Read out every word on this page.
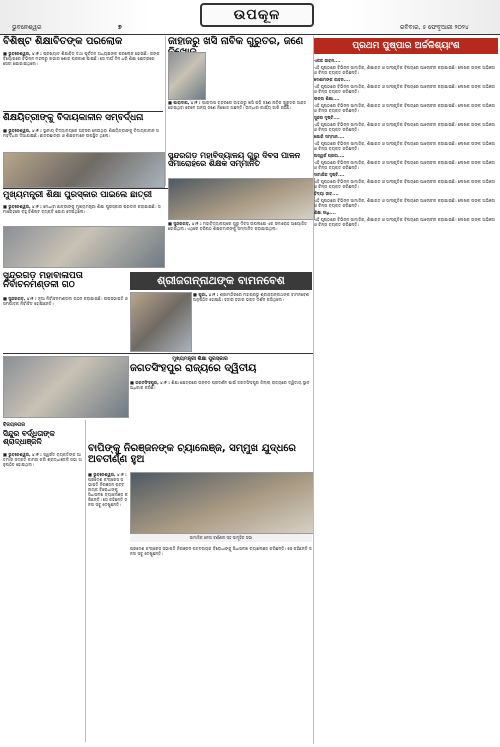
ଭୁବନେଶ୍ୱର	୭
ଉପକୂଳ
ରବିବାର, ୫ ଫେବୃଆରୀ ୨୦୨୪
ବିଶିଷ୍ଟ ଶିକ୍ଷାବିତଙ୍କ ପରଲୋକ

■ ଭୁବନେଶ୍ୱର, ୪।୨ : ପ୍ରଖ୍ୟାତ ଶିକ୍ଷାବିତ୍ ତଥା ପୂର୍ବତନ ଅଧ୍ୟକ୍ଷଙ୍କ ପରଲୋକ ହୋଇଛି। ତାଙ୍କ ବିୟୋଗରେ ବିଭିନ୍ନ ମହଲରୁ ଗଭୀର ଶୋକ ପ୍ରକାଶ ପାଇଛି। ସେ ଦୀର୍ଘ ଦିନ ଧରି ଶିକ୍ଷା କ୍ଷେତ୍ରରେ ସେବା ଯୋଗାଇଥିଲେ।

ଜାହାଜରୁ ଖସି ନାବିକ ଗୁରୁତର, ଜଣେ

■ ପାରାଦୀପ, ୪।୨ : ପାରାଦୀପ ବନ୍ଦରରେ ଜାହାଜରୁ ଖସି ପଡ଼ି ଜଣେ ନାବିକ ଗୁରୁତର ଆହତ ହୋଇଥିବା ବେଳେ ଅନ୍ୟ ଜଣେ ନିଖୋଜ ଅଛନ୍ତି। ଉଦ୍ଧାର କାର୍ଯ୍ୟ ଜାରି ରହିଛି।

ଶିକ୍ଷୟିତ୍ରୀଙ୍କୁ ବିଦାୟକାଳୀନ ସମ୍ବର୍ଦ୍ଧନା

■ ଭୁବନେଶ୍ୱର, ୪।୨ : ସ୍ଥାନୀୟ ବିଦ୍ୟାଳୟରେ ଅବସର ନେଉଥିବା ଶିକ୍ଷୟିତ୍ରୀଙ୍କୁ ବିଦାୟକାଳୀନ ସମ୍ବର୍ଦ୍ଧନା ଦିଆଯାଇଛି। ଛାତ୍ରଛାତ୍ରୀ ଓ ଶିକ୍ଷକମାନେ ଉପସ୍ଥିତ ଥିଲେ।

ସୁନ୍ଦରଗଡ଼ ମହାବିଦ୍ୟାଳୟ ଗୁରୁ ଦିବସ ପାଳନ ସମାରୋହରେ ଶିକ୍ଷକ ସମ୍ମାନିତ

■ ସୁନ୍ଦରଗଡ଼, ୪।୨ : ମହାବିଦ୍ୟାଳୟରେ ଗୁରୁ ଦିବସ ଉପଲକ୍ଷେ ଏକ ସମାରୋହ ଆୟୋଜିତ ହୋଇଥିଲା। ଏଥିରେ ବରିଷ୍ଠ ଶିକ୍ଷକମାନଙ୍କୁ ସମ୍ମାନିତ କରାଯାଇଥିଲା।

ମୁଖ୍ୟମନ୍ତ୍ରୀ ଶିକ୍ଷା ପୁରସ୍କାର ପାଇଲେ ଛାତ୍ରୀ

■ ଭୁବନେଶ୍ୱର, ୪।୨ : ମେଧାବୀ ଛାତ୍ରୀଙ୍କୁ ମୁଖ୍ୟମନ୍ତ୍ରୀ ଶିକ୍ଷା ପୁରସ୍କାର ପ୍ରଦାନ କରାଯାଇଛି। ସମାରୋହରେ ବହୁ ବିଶିଷ୍ଟ ବ୍ୟକ୍ତି ଯୋଗ ଦେଇଥିଲେ।

ଶ୍ରୀଜଗନ୍ନାଥଙ୍କ ବାମନବେଶ

■ ପୁରୀ, ୪।୨ : ଶ୍ରୀମନ୍ଦିରରେ ମହାପ୍ରଭୁ ଶ୍ରୀଜଗନ୍ନାଥଙ୍କ ବାମନବେଶ ଅନୁଷ୍ଠିତ ହୋଇଛି। ହଜାର ହଜାର ଭକ୍ତ ଦର୍ଶନ କରିଥିଲେ।

ସୁନ୍ଦରଗଡ଼ ମହାବାଳାପତା ନିର୍ବାଚନମଣ୍ଡଳୀ ଗଠ

■ ସୁନ୍ଦରଗଡ଼, ୪।୨ : ନୂଆ ନିର୍ବାଚନମଣ୍ଡଳୀ ଗଠନ କରାଯାଇଛି। ଉପସଭାପତି ଓ ସମ୍ପାଦକ ନିର୍ବାଚିତ ହୋଇଛନ୍ତି।

ମୁଖ୍ୟମନ୍ତ୍ରୀ ଶିକ୍ଷା ପୁରସ୍କାର
ଜଗତସିଂହପୁର ରାଜ୍ୟରେ ଦ୍ୱିତୀୟ

■ ଜଗତସିଂହପୁର, ୪।୨ : ଶିକ୍ଷା କ୍ଷେତ୍ରରେ ଉନ୍ନତ ପ୍ରଦର୍ଶନ ପାଇଁ ଜଗତସିଂହପୁର ଜିଲ୍ଲା ରାଜ୍ୟରେ ଦ୍ୱିତୀୟ ସ୍ଥାନ ଅଧିକାର କରିଛି।

ବିଜୟନଗର
ସିନ୍ଦୁର ବର୍ଦ୍ଧିତାଙ୍କ ଶ୍ରାଦ୍ଧାଞ୍ଜଳି

■ ଭୁବନେଶ୍ୱର, ୪।୨ : ସ୍ୱର୍ଗତ ବ୍ୟକ୍ତିଙ୍କ ଆତ୍ମାର ସଦ୍ଗତି କାମନା କରି ଶ୍ରାଦ୍ଧାଞ୍ଜଳି ସଭା ଅନୁଷ୍ଠିତ ହୋଇଥିଲା।

ବାପିଙ୍କୁ ନିରଞ୍ଜନଙ୍କ ଚ୍ୟାଲେଞ୍ଜ, ସମ୍ମୁଖ ଯୁଦ୍ଧରେ ଅବତୀର୍ଣ୍ଣ ହୁଅ
ସାମାଜିକ ନେତା ବର୍ଣ୍ଣନା ସହ ସାମୂହିକ ସଭା

■ ଭୁବନେଶ୍ୱର, ୪।୨ : ପ୍ରଦେଶ କଂଗ୍ରେସ ସଭାପତି ନିରଞ୍ଜନ ପଟ୍ଟନାୟକ ବିରୋଧୀଙ୍କୁ ସିଧାସଳଖ ଚ୍ୟାଲେଞ୍ଜ କରିଛନ୍ତି। ସେ କହିଛନ୍ତି ଜନତା ସବୁ ଦେଖୁଛନ୍ତି।

ପ୍ରଦେଶ କଂଗ୍ରେସ ସଭାପତି ନିରଞ୍ଜନ ପଟ୍ଟନାୟକ ବିରୋଧୀଙ୍କୁ ସିଧାସଳଖ ଚ୍ୟାଲେଞ୍ଜ କରିଛନ୍ତି। ସେ କହିଛନ୍ତି ଜନତା ସବୁ ଦେଖୁଛନ୍ତି।

ପ୍ରଥମ ପୁଷ୍ପାର ଅର୍ଚ୍ଚଳିଶ୍ୟାଂଶ

ଏକକ ଜୀବନ....

ଏହି ପୃଷ୍ଠାରେ ବିଭିନ୍ନ ସାମାଜିକ, ଶିକ୍ଷାଗତ ଓ ସାଂସ୍କୃତିକ ବିଷୟରେ ଆଲୋଚନା କରାଯାଇଛି। ଲେଖକ ତାଙ୍କ ଅଭିଜ୍ଞତା ଓ ଚିନ୍ତା ବ୍ୟକ୍ତ କରିଛନ୍ତି।

ଦେଶୀମଙ୍କ ଜୀବନ....

ଏହି ପୃଷ୍ଠାରେ ବିଭିନ୍ନ ସାମାଜିକ, ଶିକ୍ଷାଗତ ଓ ସାଂସ୍କୃତିକ ବିଷୟରେ ଆଲୋଚନା କରାଯାଇଛି। ଲେଖକ ତାଙ୍କ ଅଭିଜ୍ଞତା ଓ ଚିନ୍ତା ବ୍ୟକ୍ତ କରିଛନ୍ତି।

ଉଳ୍ଲ ଶିକ୍ଷା....

ଏହି ପୃଷ୍ଠାରେ ବିଭିନ୍ନ ସାମାଜିକ, ଶିକ୍ଷାଗତ ଓ ସାଂସ୍କୃତିକ ବିଷୟରେ ଆଲୋଚନା କରାଯାଇଛି। ଲେଖକ ତାଙ୍କ ଅଭିଜ୍ଞତା ଓ ଚିନ୍ତା ବ୍ୟକ୍ତ କରିଛନ୍ତି।

ସୁନ୍ଦର ଦୃଷ୍ଟି....

ଏହି ପୃଷ୍ଠାରେ ବିଭିନ୍ନ ସାମାଜିକ, ଶିକ୍ଷାଗତ ଓ ସାଂସ୍କୃତିକ ବିଷୟରେ ଆଲୋଚନା କରାଯାଇଛି। ଲେଖକ ତାଙ୍କ ଅଭିଜ୍ଞତା ଓ ଚିନ୍ତା ବ୍ୟକ୍ତ କରିଛନ୍ତି।

ଯୋଗି ସମ୍ମାନ....

ଏହି ପୃଷ୍ଠାରେ ବିଭିନ୍ନ ସାମାଜିକ, ଶିକ୍ଷାଗତ ଓ ସାଂସ୍କୃତିକ ବିଷୟରେ ଆଲୋଚନା କରାଯାଇଛି। ଲେଖକ ତାଙ୍କ ଅଭିଜ୍ଞତା ଓ ଚିନ୍ତା ବ୍ୟକ୍ତ କରିଛନ୍ତି।

ଅସ୍ୱର୍ଗ ପ୍ରଜା....

ଏହି ପୃଷ୍ଠାରେ ବିଭିନ୍ନ ସାମାଜିକ, ଶିକ୍ଷାଗତ ଓ ସାଂସ୍କୃତିକ ବିଷୟରେ ଆଲୋଚନା କରାଯାଇଛି। ଲେଖକ ତାଙ୍କ ଅଭିଜ୍ଞତା ଓ ଚିନ୍ତା ବ୍ୟକ୍ତ କରିଛନ୍ତି।

ସାମାଜିକ ଦୃଷ୍ଟି....

ଏହି ପୃଷ୍ଠାରେ ବିଭିନ୍ନ ସାମାଜିକ, ଶିକ୍ଷାଗତ ଓ ସାଂସ୍କୃତିକ ବିଷୟରେ ଆଲୋଚନା କରାଯାଇଛି। ଲେଖକ ତାଙ୍କ ଅଭିଜ୍ଞତା ଓ ଚିନ୍ତା ବ୍ୟକ୍ତ କରିଛନ୍ତି।

ବିଦ୍ୟା ଜୀବ....

ଏହି ପୃଷ୍ଠାରେ ବିଭିନ୍ନ ସାମାଜିକ, ଶିକ୍ଷାଗତ ଓ ସାଂସ୍କୃତିକ ବିଷୟରେ ଆଲୋଚନା କରାଯାଇଛି। ଲେଖକ ତାଙ୍କ ଅଭିଜ୍ଞତା ଓ ଚିନ୍ତା ବ୍ୟକ୍ତ କରିଛନ୍ତି।

ଶିକ୍ଷା ସାଧି....

ଏହି ପୃଷ୍ଠାରେ ବିଭିନ୍ନ ସାମାଜିକ, ଶିକ୍ଷାଗତ ଓ ସାଂସ୍କୃତିକ ବିଷୟରେ ଆଲୋଚନା କରାଯାଇଛି। ଲେଖକ ତାଙ୍କ ଅଭିଜ୍ଞତା ଓ ଚିନ୍ତା ବ୍ୟକ୍ତ କରିଛନ୍ତି।
